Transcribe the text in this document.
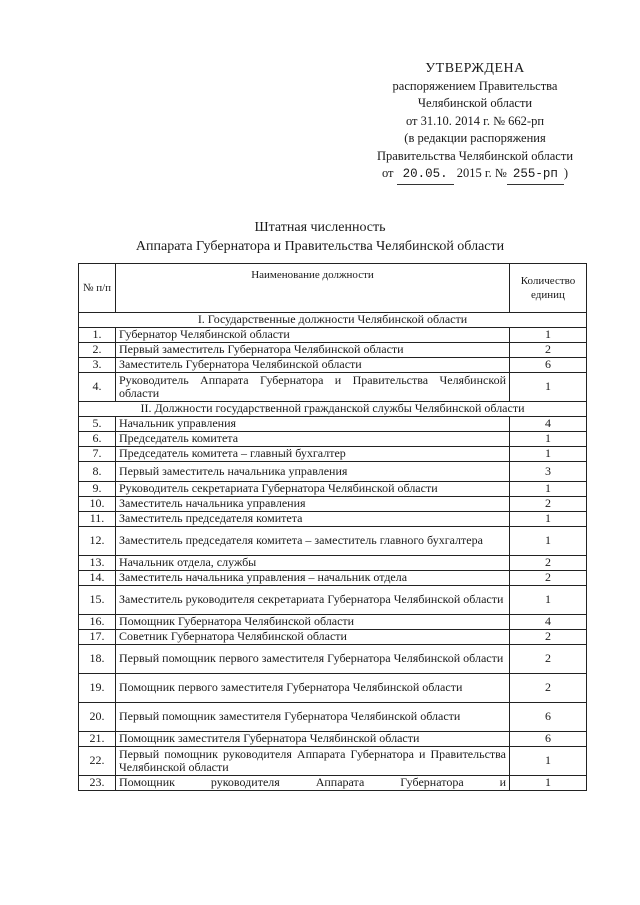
УТВЕРЖДЕНА
распоряжением Правительства
Челябинской области
от 31.10. 2014 г. № 662-рп
(в редакции распоряжения
Правительства Челябинской области
от 20.05. 2015 г. № 255-рп )
Штатная численность
Аппарата Губернатора и Правительства Челябинской области
№ п/п	Наименование должности	Количество единиц
I. Государственные должности Челябинской области		
1.	Губернатор Челябинской области	1
2.	Первый заместитель Губернатора Челябинской области	2
3.	Заместитель Губернатора Челябинской области	6
4.	Руководитель Аппарата Губернатора и Правительства Челябинской области	1
II. Должности государственной гражданской службы Челябинской области		
5.	Начальник управления	4
6.	Председатель комитета	1
7.	Председатель комитета – главный бухгалтер	1
8.	Первый заместитель начальника управления	3
9.	Руководитель секретариата Губернатора Челябинской области	1
10.	Заместитель начальника управления	2
11.	Заместитель председателя комитета	1
12.	Заместитель председателя комитета – заместитель главного бухгалтера	1
13.	Начальник отдела, службы	2
14.	Заместитель начальника управления – начальник отдела	2
15.	Заместитель руководителя секретариата Губернатора Челябинской области	1
16.	Помощник Губернатора Челябинской области	4
17.	Советник Губернатора Челябинской области	2
18.	Первый помощник первого заместителя Губернатора Челябинской области	2
19.	Помощник первого заместителя Губернатора Челябинской области	2
20.	Первый помощник заместителя Губернатора Челябинской области	6
21.	Помощник заместителя Губернатора Челябинской области	6
22.	Первый помощник руководителя Аппарата Губернатора и Правительства Челябинской области	1
23.	Помощник руководителя Аппарата Губернатора и	1
